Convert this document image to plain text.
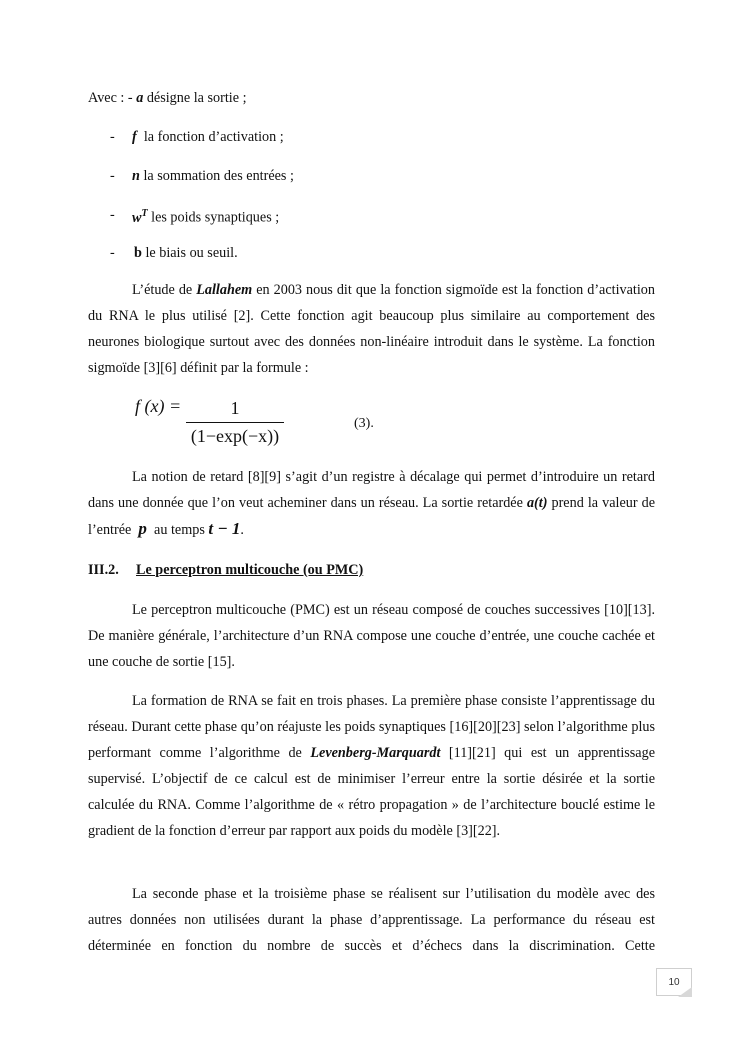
Avec : - a désigne la sortie ;
- f la fonction d’activation ;
- n la sommation des entrées ;
- $w^T$ les poids synaptiques ;
- b le biais ou seuil.

L’étude de Lallahem en 2003 nous dit que la fonction sigmoïde est la fonction d’activation du RNA le plus utilisé [2]. Cette fonction agit beaucoup plus similaire au comportement des neurones biologique surtout avec des données non-linéaire introduit dans le système. La fonction sigmoïde [3][6] définit par la formule :

f (x) =	1
(1−exp(−x))
(3).

La notion de retard [8][9] s’agit d’un registre à décalage qui permet d’introduire un retard dans une donnée que l’on veut acheminer dans un réseau. La sortie retardée a(t) prend la valeur de l’entrée  p  au temps t − 1.

III.2. Le perceptron multicouche (ou PMC)

Le perceptron multicouche (PMC) est un réseau composé de couches successives [10][13]. De manière générale, l’architecture d’un RNA compose une couche d’entrée, une couche cachée et une couche de sortie [15].

La formation de RNA se fait en trois phases. La première phase consiste l’apprentissage du réseau. Durant cette phase qu’on réajuste les poids synaptiques [16][20][23] selon l’algorithme plus performant comme l’algorithme de Levenberg-Marquardt [11][21] qui est un apprentissage supervisé. L’objectif de ce calcul est de minimiser l’erreur entre la sortie désirée et la sortie calculée du RNA. Comme l’algorithme de « rétro propagation » de l’architecture bouclé estime le gradient de la fonction d’erreur par rapport aux poids du modèle [3][22].

La seconde phase et la troisième phase se réalisent sur l’utilisation du modèle avec des autres données non utilisées durant la phase d’apprentissage. La performance du réseau est déterminée en fonction du nombre de succès et d’échecs dans la discrimination. Cette

10
